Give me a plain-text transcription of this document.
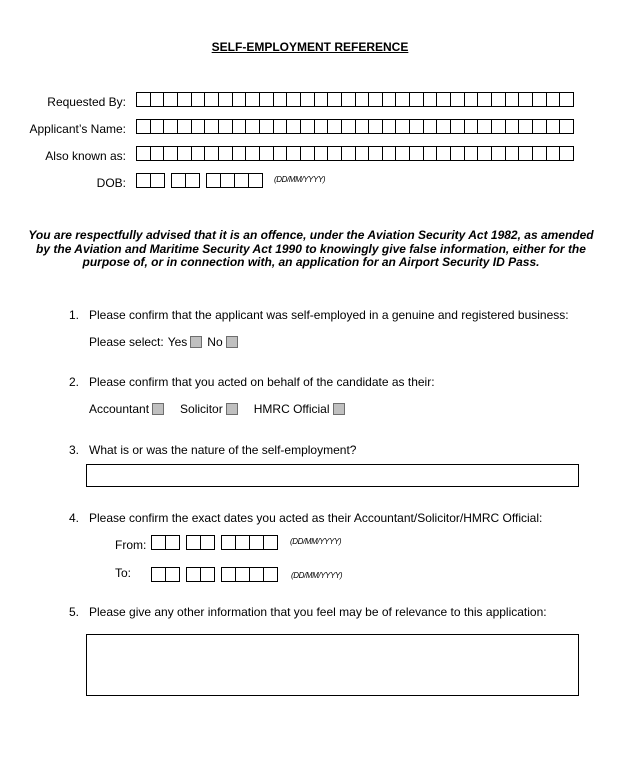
SELF-EMPLOYMENT REFERENCE
Requested By:
Applicant’s Name:
Also known as:
DOB:	(DD/MM/YYYY)
You are respectfully advised that it is an offence, under the Aviation Security Act 1982, as amended by the Aviation and Maritime Security Act 1990 to knowingly give false information, either for the purpose of, or in connection with, an application for an Airport Security ID Pass.
1. Please confirm that the applicant was self-employed in a genuine and registered business:
Please select: Yes No
2. Please confirm that you acted on behalf of the candidate as their:
Accountant	Solicitor	HMRC Official
3. What is or was the nature of the self-employment?
4. Please confirm the exact dates you acted as their Accountant/Solicitor/HMRC Official:
From:	(DD/MM/YYYY)
To:	(DD/MM/YYYY)
5. Please give any other information that you feel may be of relevance to this application:
